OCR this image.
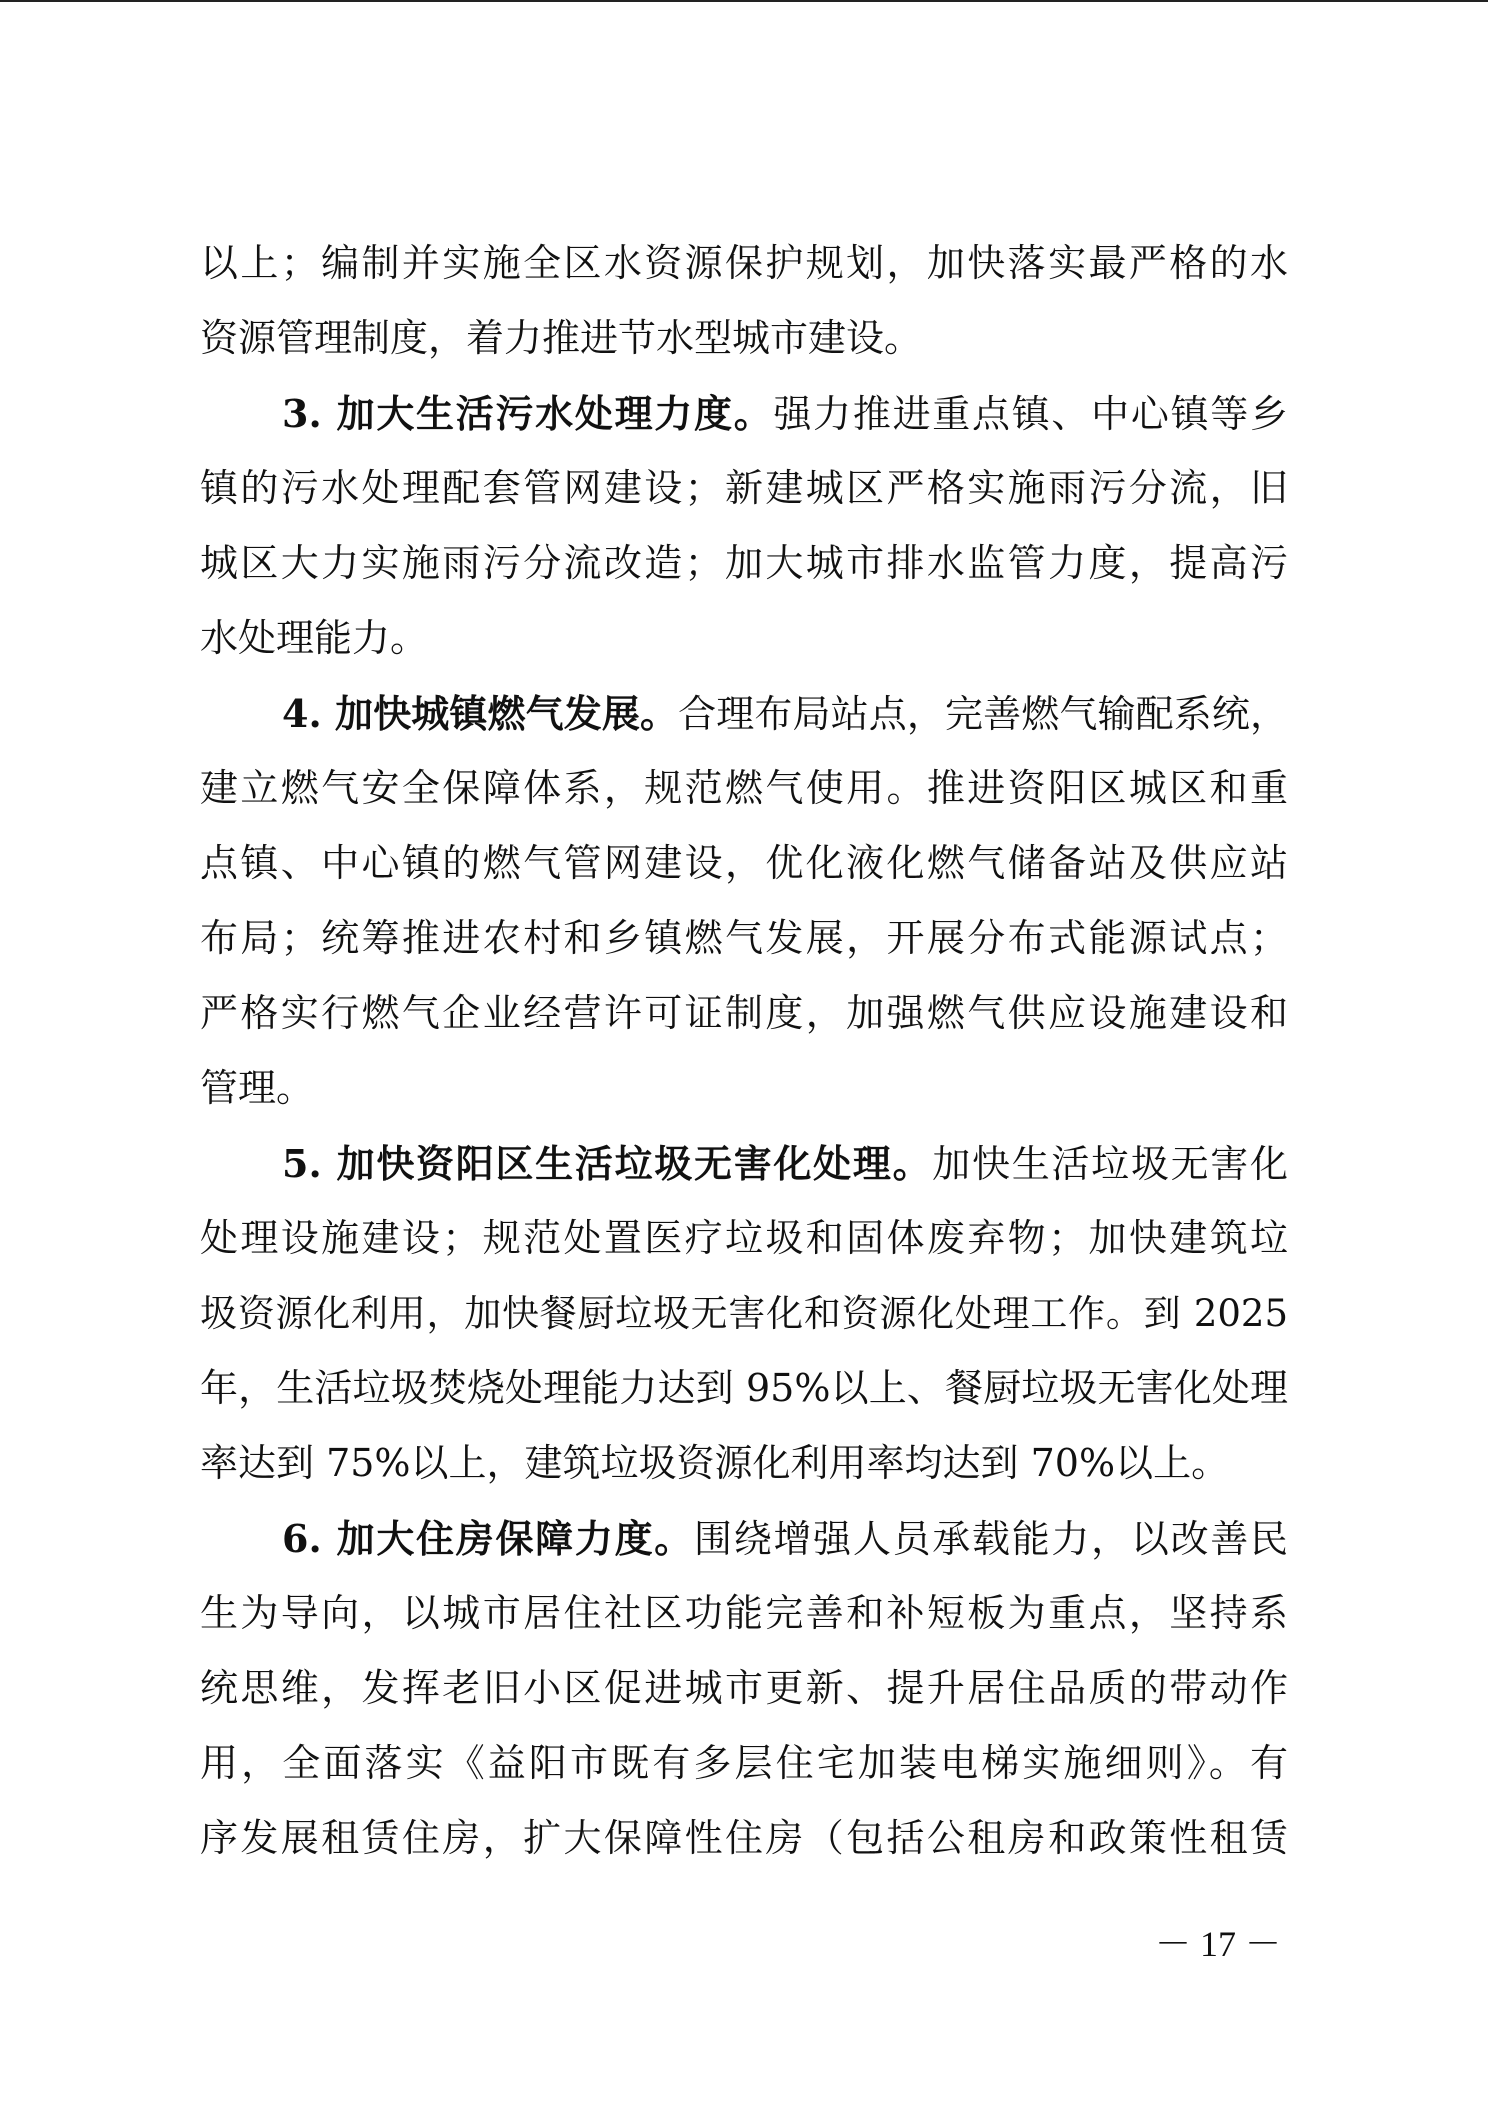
以上；编制并实施全区水资源保护规划，加快落实最严格的水
资源管理制度，着力推进节水型城市建设。
3. 加大生活污水处理力度。强力推进重点镇、中心镇等乡
镇的污水处理配套管网建设；新建城区严格实施雨污分流，旧
城区大力实施雨污分流改造；加大城市排水监管力度，提高污
水处理能力。
4. 加快城镇燃气发展。合理布局站点，完善燃气输配系统，
建立燃气安全保障体系，规范燃气使用。推进资阳区城区和重
点镇、中心镇的燃气管网建设，优化液化燃气储备站及供应站
布局；统筹推进农村和乡镇燃气发展，开展分布式能源试点；
严格实行燃气企业经营许可证制度，加强燃气供应设施建设和
管理。
5. 加快资阳区生活垃圾无害化处理。加快生活垃圾无害化
处理设施建设；规范处置医疗垃圾和固体废弃物；加快建筑垃
圾资源化利用，加快餐厨垃圾无害化和资源化处理工作。到 2025
年，生活垃圾焚烧处理能力达到 95%以上、餐厨垃圾无害化处理
率达到 75%以上，建筑垃圾资源化利用率均达到 70%以上。
6. 加大住房保障力度。围绕增强人员承载能力，以改善民
生为导向，以城市居住社区功能完善和补短板为重点，坚持系
统思维，发挥老旧小区促进城市更新、提升居住品质的带动作
用，全面落实《益阳市既有多层住宅加装电梯实施细则》。有
序发展租赁住房，扩大保障性住房（包括公租房和政策性租赁
－ 17 －
